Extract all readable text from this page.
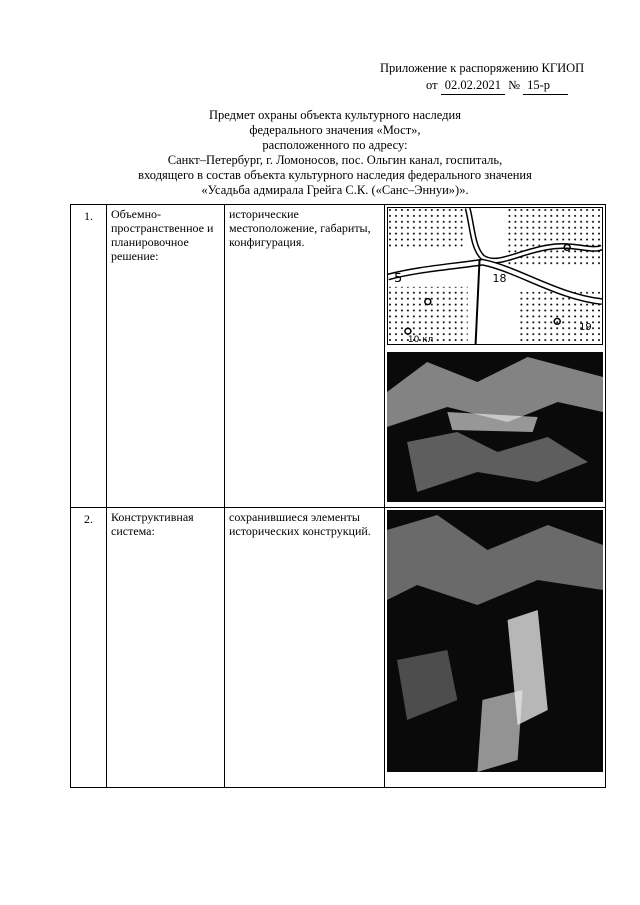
Приложение к распоряжению КГИОП
от 02.02.2021 № 15-р
Предмет охраны объекта культурного наследия
федерального значения «Мост»,
расположенного по адресу:
Санкт–Петербург, г. Ломоносов, пос. Ольгин канал, госпиталь,
входящего в состав объекта культурного наследия федерального значения
«Усадьба адмирала Грейга С.К. («Санс–Эннуи»)».
1.	Объемно-пространственное и планировочное решение:	исторические местоположение, габариты, конфигурация.	5 18
19
10 кл

2.	Конструктивная система:	сохранившиеся элементы исторических конструкций.	
